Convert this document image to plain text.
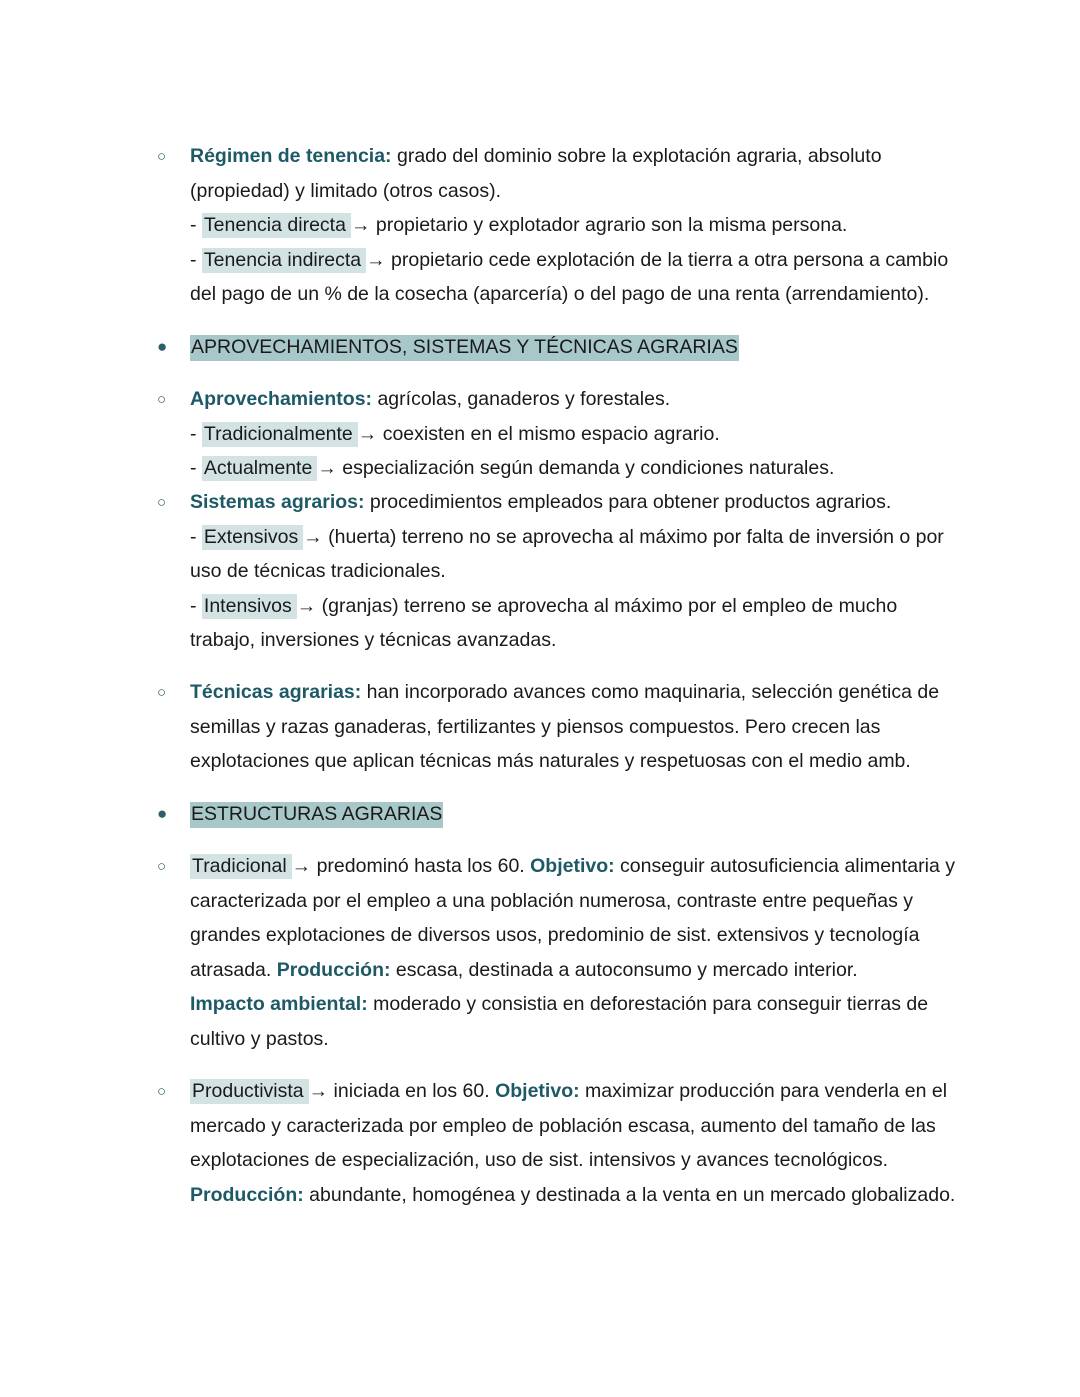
○ Régimen de tenencia: grado del dominio sobre la explotación agraria, absoluto
(propiedad) y limitado (otros casos).
- Tenencia directa → propietario y explotador agrario son la misma persona.
- Tenencia indirecta → propietario cede explotación de la tierra a otra persona a cambio
del pago de un % de la cosecha (aparcería) o del pago de una renta (arrendamiento).
● APROVECHAMIENTOS, SISTEMAS Y TÉCNICAS AGRARIAS
○ Aprovechamientos: agrícolas, ganaderos y forestales.
- Tradicionalmente → coexisten en el mismo espacio agrario.
- Actualmente → especialización según demanda y condiciones naturales.
○ Sistemas agrarios: procedimientos empleados para obtener productos agrarios.
- Extensivos → (huerta) terreno no se aprovecha al máximo por falta de inversión o por
uso de técnicas tradicionales.
- Intensivos → (granjas) terreno se aprovecha al máximo por el empleo de mucho
trabajo, inversiones y técnicas avanzadas.
○ Técnicas agrarias: han incorporado avances como maquinaria, selección genética de
semillas y razas ganaderas, fertilizantes y piensos compuestos. Pero crecen las
explotaciones que aplican técnicas más naturales y respetuosas con el medio amb.
● ESTRUCTURAS AGRARIAS
○ Tradicional → predominó hasta los 60. Objetivo: conseguir autosuficiencia alimentaria y
caracterizada por el empleo a una población numerosa, contraste entre pequeñas y
grandes explotaciones de diversos usos, predominio de sist. extensivos y tecnología
atrasada. Producción: escasa, destinada a autoconsumo y mercado interior.
Impacto ambiental: moderado y consistia en deforestación para conseguir tierras de
cultivo y pastos.
○ Productivista → iniciada en los 60. Objetivo: maximizar producción para venderla en el
mercado y caracterizada por empleo de población escasa, aumento del tamaño de las
explotaciones de especialización, uso de sist. intensivos y avances tecnológicos.
Producción: abundante, homogénea y destinada a la venta en un mercado globalizado.
